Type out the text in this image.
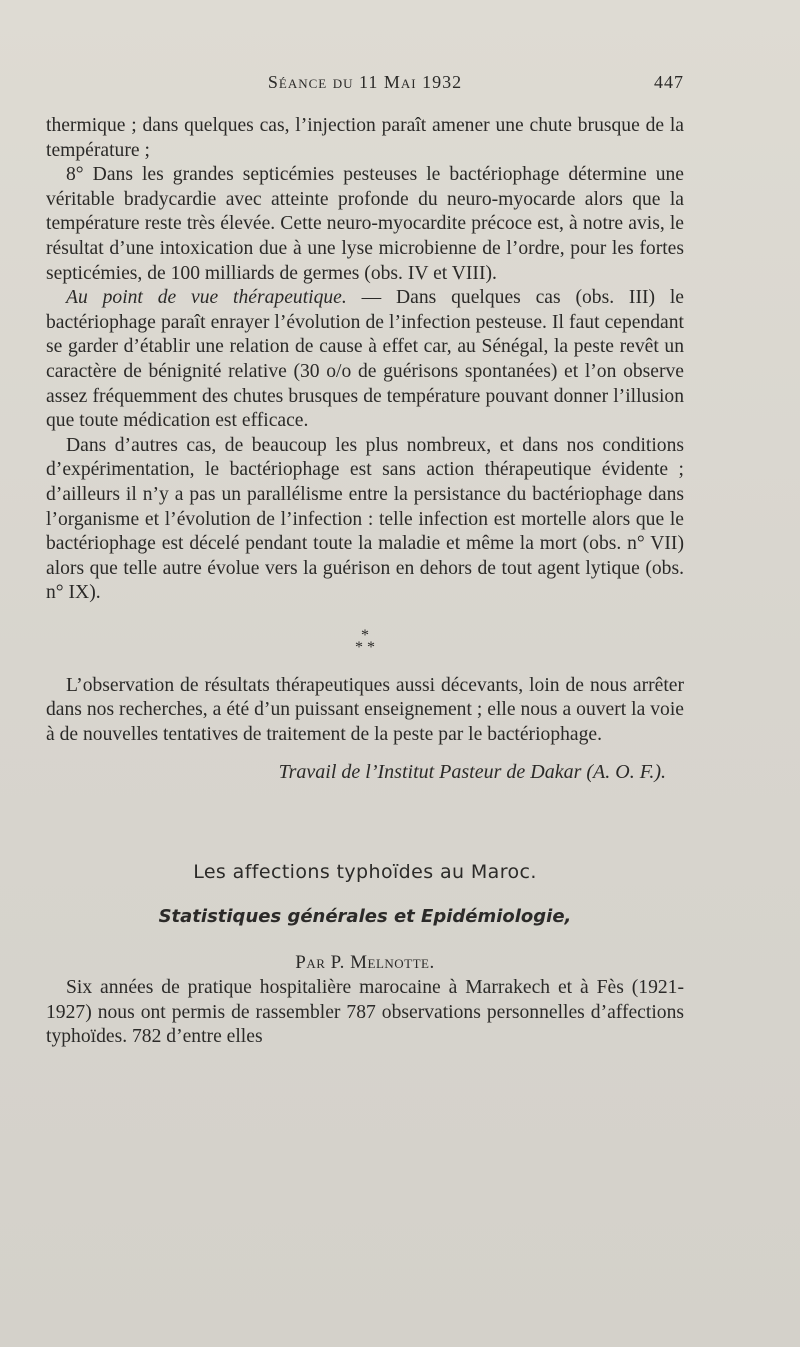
Séance du 11 Mai 1932	447

thermique ; dans quelques cas, l’injection paraît amener une chute brusque de la température ;

8° Dans les grandes septicémies pesteuses le bactériophage détermine une véritable bradycardie avec atteinte profonde du neuro-myocarde alors que la température reste très élevée. Cette neuro-myocardite précoce est, à notre avis, le résultat d’une intoxication due à une lyse microbienne de l’ordre, pour les fortes septicémies, de 100 milliards de germes (obs. IV et VIII).

Au point de vue thérapeutique. — Dans quelques cas (obs. III) le bactériophage paraît enrayer l’évolution de l’infection pesteuse. Il faut cependant se garder d’établir une relation de cause à effet car, au Sénégal, la peste revêt un caractère de bénignité relative (30 o/o de guérisons spontanées) et l’on observe assez fréquemment des chutes brusques de température pouvant donner l’illusion que toute médication est efficace.

Dans d’autres cas, de beaucoup les plus nombreux, et dans nos conditions d’expérimentation, le bactériophage est sans action thérapeutique évidente ; d’ailleurs il n’y a pas un parallélisme entre la persistance du bactériophage dans l’organisme et l’évolution de l’infection : telle infection est mortelle alors que le bactériophage est décelé pendant toute la maladie et même la mort (obs. n° VII) alors que telle autre évolue vers la guérison en dehors de tout agent lytique (obs. n° IX).

*
* *

L’observation de résultats thérapeutiques aussi décevants, loin de nous arrêter dans nos recherches, a été d’un puissant enseignement ; elle nous a ouvert la voie à de nouvelles tentatives de traitement de la peste par le bactériophage.

Travail de l’Institut Pasteur de Dakar (A. O. F.).
Les affections typhoïdes au Maroc.
Statistiques générales et Epidémiologie,
Par P. Melnotte.

Six années de pratique hospitalière marocaine à Marrakech et à Fès (1921-1927) nous ont permis de rassembler 787 observations personnelles d’affections typhoïdes. 782 d’entre elles
